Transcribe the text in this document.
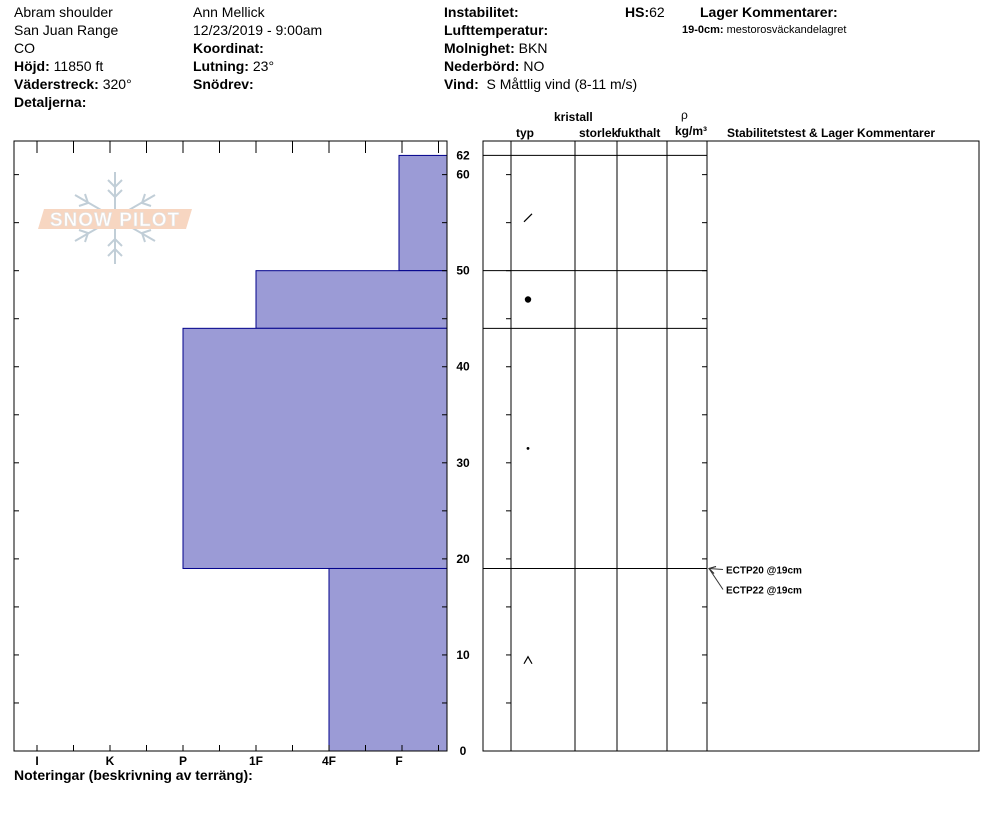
Abram shoulder
San Juan Range
CO
Höjd: 11850 ft
Väderstreck: 320°
Detaljerna:
Ann Mellick
12/23/2019 - 9:00am
Koordinat:
Lutning: 23°
Snödrev:
Instabilitet:
Lufttemperatur:
Molnighet: BKN
Nederbörd: NO
Vind: S Måttlig vind (8-11 m/s)
HS:62	Lager Kommentarer:
19-0cm: mestorosväckandelagret
kristall
typ	storlek
fukthalt
ρ
kg/m³ Stabilitetstest & Lager Kommentarer
SNOW PILOT
0
10
20
30
40
50
60
62
I	K	P	1F	4F	F
ECTP20 @19cm
ECTP22 @19cm
Noteringar (beskrivning av terräng):
